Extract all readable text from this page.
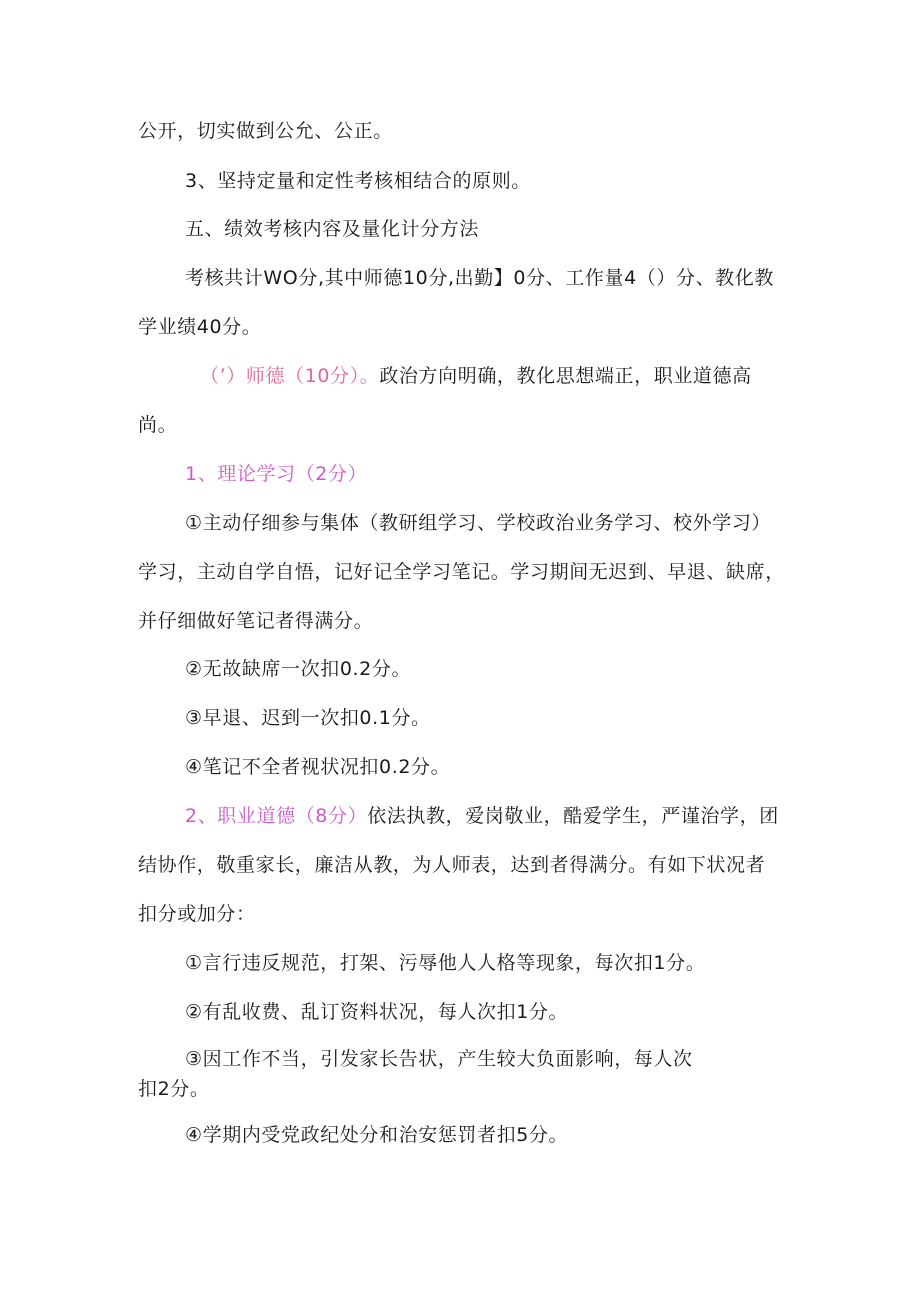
公开，切实做到公允、公正。
3、坚持定量和定性考核相结合的原则。
五、绩效考核内容及量化计分方法
考核共计WO分,其中师德10分,出勤】0分、工作量4（）分、教化教
学业绩40分。
（’）师德（10分）。政治方向明确，教化思想端正，职业道德高
尚。
1、理论学习（2分）
①主动仔细参与集体（教研组学习、学校政治业务学习、校外学习）
学习，主动自学自悟，记好记全学习笔记。学习期间无迟到、早退、缺席，
并仔细做好笔记者得满分。
②无故缺席一次扣0.2分。
③早退、迟到一次扣0.1分。
④笔记不全者视状况扣0.2分。
2、职业道德（8分）依法执教，爱岗敬业，酷爱学生，严谨治学，团
结协作，敬重家长，廉洁从教，为人师表，达到者得满分。有如下状况者
扣分或加分：
①言行违反规范，打架、污辱他人人格等现象，每次扣1分。
②有乱收费、乱订资料状况，每人次扣1分。
③因工作不当，引发家长告状，产生较大负面影响，每人次
扣2分。
④学期内受党政纪处分和治安惩罚者扣5分。
